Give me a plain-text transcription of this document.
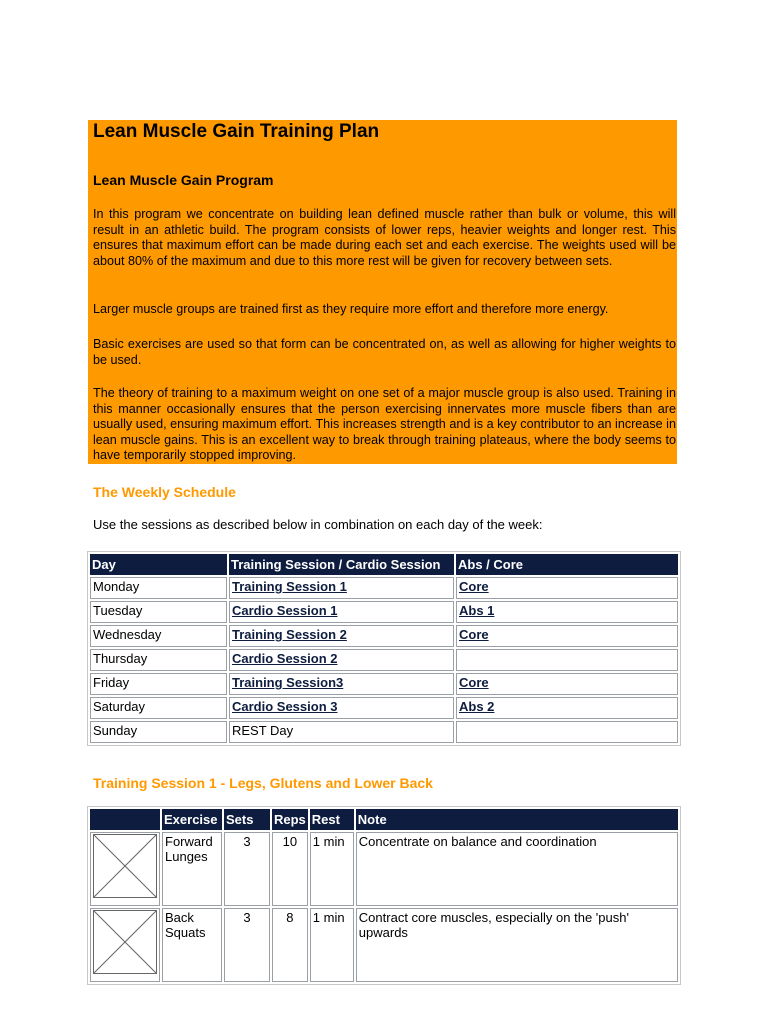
Lean Muscle Gain Training Plan
Lean Muscle Gain Program

In this program we concentrate on building lean defined muscle rather than bulk or volume, this will result in an athletic build. The program consists of lower reps, heavier weights and longer rest. This ensures that maximum effort can be made during each set and each exercise. The weights used will be about 80% of the maximum and due to this more rest will be given for recovery between sets.

Larger muscle groups are trained first as they require more effort and therefore more energy.

Basic exercises are used so that form can be concentrated on, as well as allowing for higher weights to be used.

The theory of training to a maximum weight on one set of a major muscle group is also used. Training in this manner occasionally ensures that the person exercising innervates more muscle fibers than are usually used, ensuring maximum effort. This increases strength and is a key contributor to an increase in lean muscle gains. This is an excellent way to break through training plateaus, where the body seems to have temporarily stopped improving.

The Weekly Schedule

Use the sessions as described below in combination on each day of the week:

Day	Training Session / Cardio Session	Abs / Core
Monday	Training Session 1	Core
Tuesday	Cardio Session 1	Abs 1
Wednesday	Training Session 2	Core
Thursday	Cardio Session 2	
Friday	Training Session3	Core
Saturday	Cardio Session 3	Abs 2
Sunday	REST Day	
Training Session 1 - Legs, Glutens and Lower Back
	Exercise	Sets	Reps	Rest	Note

	Forward Lunges	3	10	1 min	Concentrate on balance and coordination

	Back Squats	3	8	1 min	Contract core muscles, especially on the 'push' upwards
